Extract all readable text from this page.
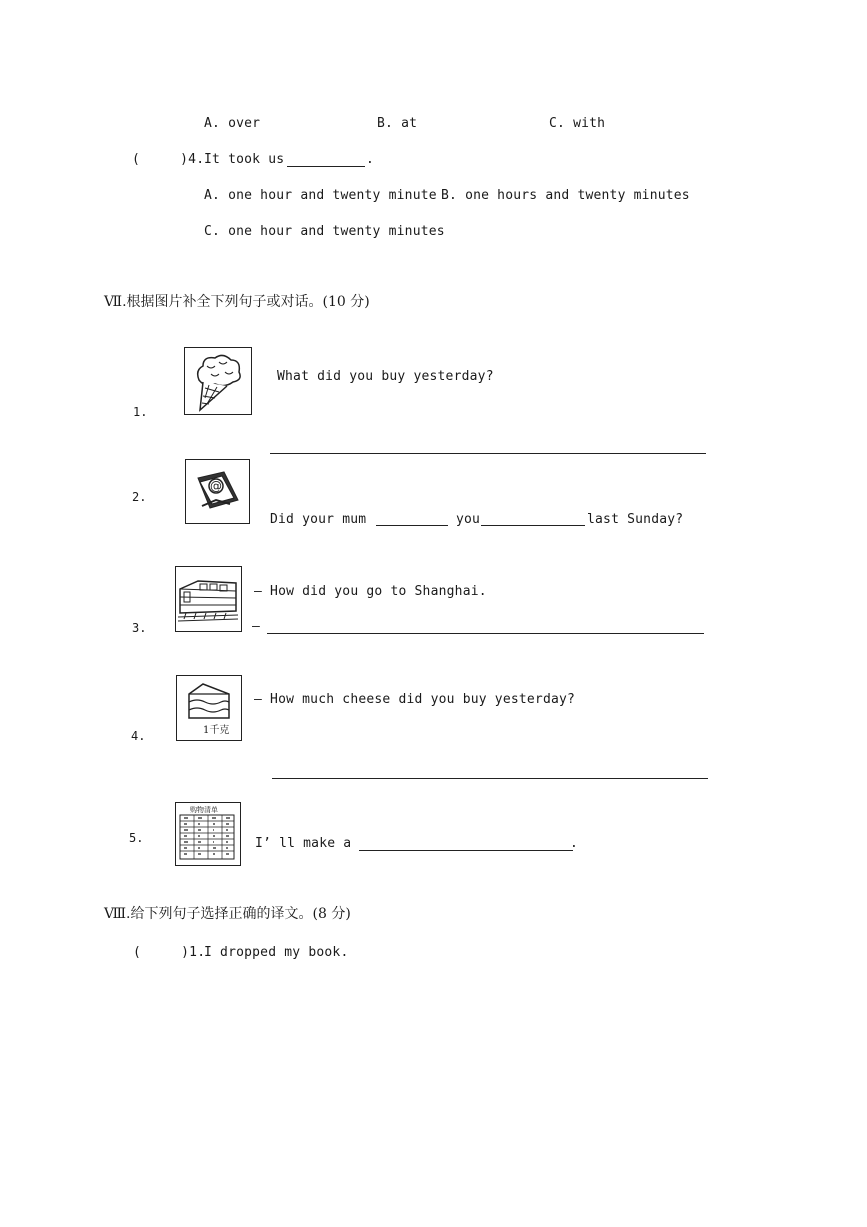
A. over	B. at	C. with
(     )4. It took us	.
A. one hour and twenty minute B. one hours and twenty minutes
C. one hour and twenty minutes
Ⅶ.根据图片补全下列句子或对话。(10 分)
1.
What did you buy yesterday?
2.
@
Did your mum	you	last Sunday?
3.
— How did you go to Shanghai.
—
4.	1千克
— How much cheese did you buy yesterday?
5.
购物清单
I’ ll make a	.
Ⅷ.给下列句子选择正确的译文。(8 分)
(     )1.
I dropped my book.
